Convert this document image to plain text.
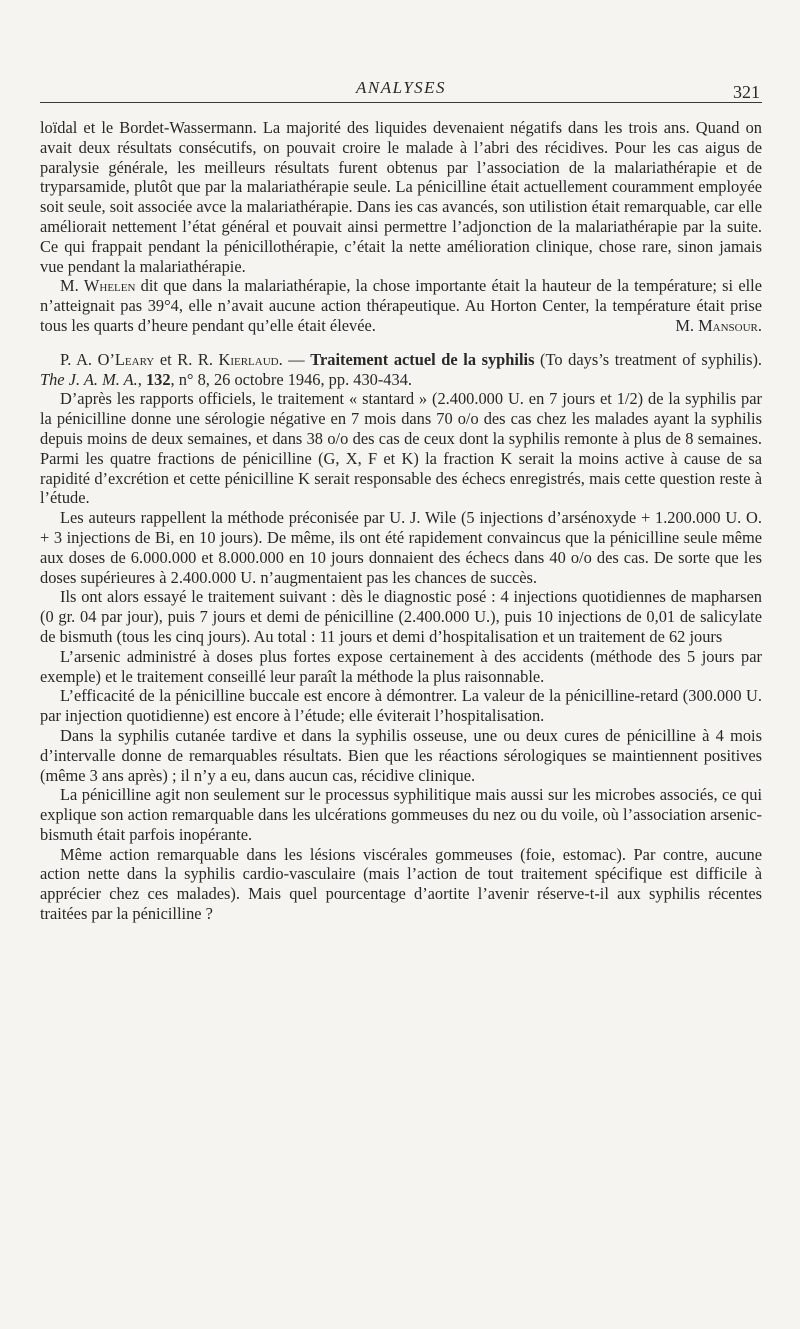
ANALYSES	321

loïdal et le Bordet-Wassermann. La majorité des liquides devenaient négatifs dans les trois ans. Quand on avait deux résultats consécutifs, on pouvait croire le malade à l’abri des récidives. Pour les cas aigus de paralysie générale, les meilleurs résultats furent obtenus par l’association de la malariathérapie et de tryparsamide, plutôt que par la malariathérapie seule. La pénicilline était actuellement couramment employée soit seule, soit associée avce la malariathérapie. Dans ies cas avancés, son utilistion était remarquable, car elle améliorait nettement l’état général et pouvait ainsi permettre l’adjonction de la malariathérapie par la suite. Ce qui frappait pendant la pénicillothérapie, c’était la nette amélioration clinique, chose rare, sinon jamais vue pendant la malariathérapie.

M. Whelen dit que dans la malariathérapie, la chose importante était la hauteur de la température; si elle n’atteignait pas 39°4, elle n’avait aucune action thérapeutique. Au Horton Center, la température était prise tous les quarts d’heure pendant qu’elle était élevée.	M. Mansour.

P. A. O’Leary et R. R. Kierlaud. — Traitement actuel de la syphilis (To days’s treatment of syphilis). The J. A. M. A., 132, n° 8, 26 octobre 1946, pp. 430-434.

D’après les rapports officiels, le traitement « stantard » (2.400.000 U. en 7 jours et 1/2) de la syphilis par la pénicilline donne une sérologie négative en 7 mois dans 70 o/o des cas chez les malades ayant la syphilis depuis moins de deux semaines, et dans 38 o/o des cas de ceux dont la syphilis remonte à plus de 8 semaines. Parmi les quatre fractions de pénicilline (G, X, F et K) la fraction K serait la moins active à cause de sa rapidité d’excrétion et cette pénicilline K serait responsable des échecs enregistrés, mais cette question reste à l’étude.

Les auteurs rappellent la méthode préconisée par U. J. Wile (5 injections d’arsénoxyde + 1.200.000 U. O. + 3 injections de Bi, en 10 jours). De même, ils ont été rapidement convaincus que la pénicilline seule même aux doses de 6.000.000 et 8.000.000 en 10 jours donnaient des échecs dans 40 o/o des cas. De sorte que les doses supérieures à 2.400.000 U. n’augmentaient pas les chances de succès.

Ils ont alors essayé le traitement suivant : dès le diagnostic posé : 4 injections quotidiennes de mapharsen (0 gr. 04 par jour), puis 7 jours et demi de pénicilline (2.400.000 U.), puis 10 injections de 0,01 de salicylate de bismuth (tous les cinq jours). Au total : 11 jours et demi d’hospitalisation et un traitement de 62 jours

L’arsenic administré à doses plus fortes expose certainement à des accidents (méthode des 5 jours par exemple) et le traitement conseillé leur paraît la méthode la plus raisonnable.

L’efficacité de la pénicilline buccale est encore à démontrer. La valeur de la pénicilline-retard (300.000 U. par injection quotidienne) est encore à l’étude; elle éviterait l’hospitalisation.

Dans la syphilis cutanée tardive et dans la syphilis osseuse, une ou deux cures de pénicilline à 4 mois d’intervalle donne de remarquables résultats. Bien que les réactions sérologiques se maintiennent positives (même 3 ans après) ; il n’y a eu, dans aucun cas, récidive clinique.

La pénicilline agit non seulement sur le processus syphilitique mais aussi sur les microbes associés, ce qui explique son action remarquable dans les ulcérations gommeuses du nez ou du voile, où l’association arsenic-bismuth était parfois inopérante.

Même action remarquable dans les lésions viscérales gommeuses (foie, estomac). Par contre, aucune action nette dans la syphilis cardio-vasculaire (mais l’action de tout traitement spécifique est difficile à apprécier chez ces malades). Mais quel pourcentage d’aortite l’avenir réserve-t-il aux syphilis récentes traitées par la pénicilline ?
